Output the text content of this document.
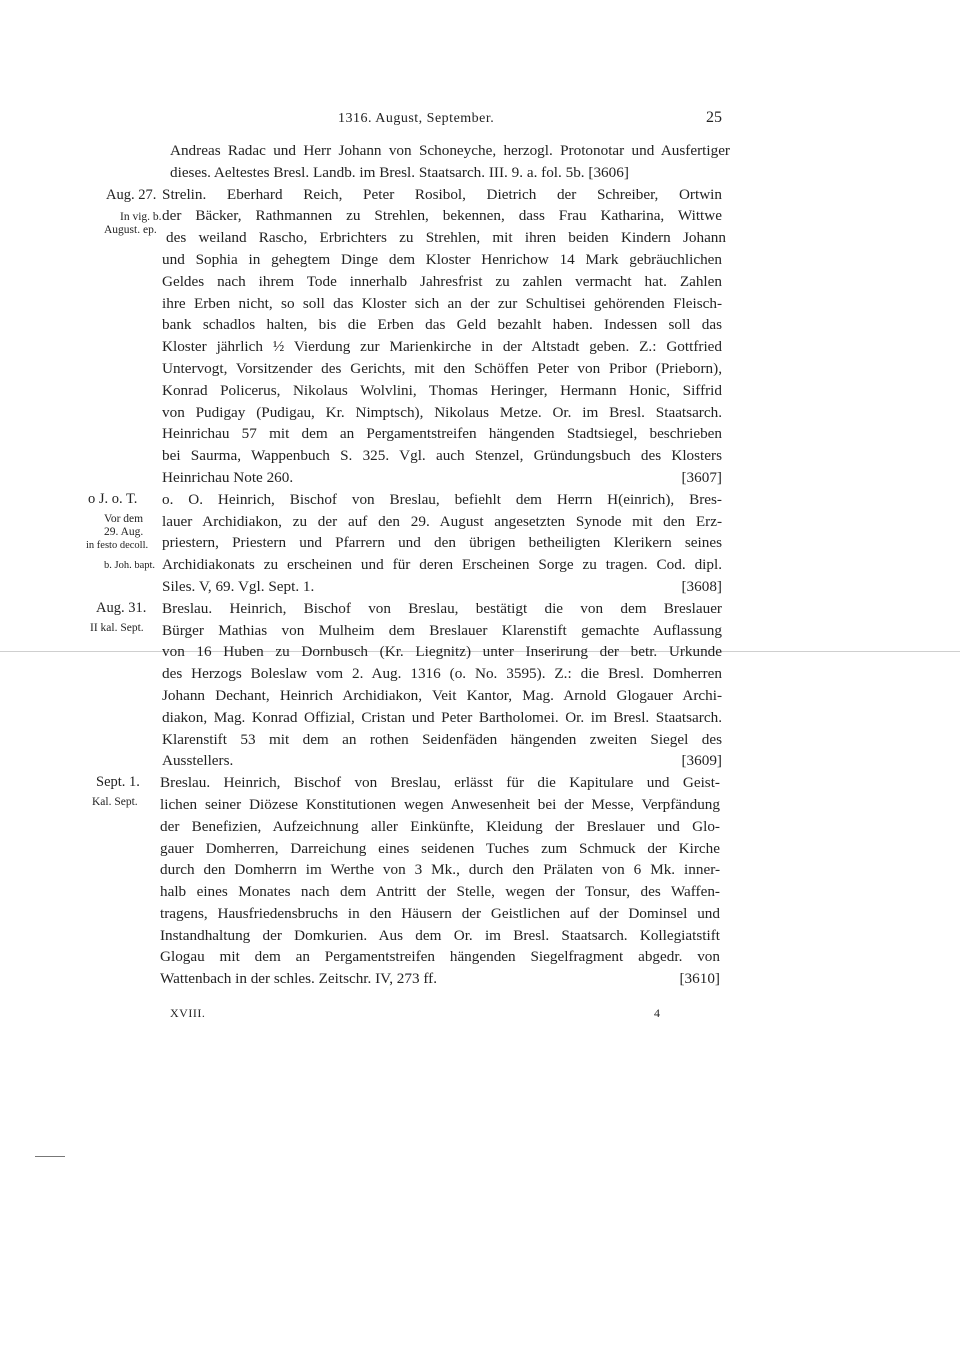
1316. August, September.	25
Andreas Radac und Herr Johann von Schoneyche, herzogl. Protonotar und Ausfertiger
dieses. Aeltestes Bresl. Landb. im Bresl. Staatsarch. III. 9. a. fol. 5b. [3606]
Aug. 27.
In vig. b.
August. ep.
Strelin. Eberhard Reich, Peter Rosibol, Dietrich der Schreiber, Ortwin
der Bäcker, Rathmannen zu Strehlen, bekennen, dass Frau Katharina, Wittwe
des weiland Rascho, Erbrichters zu Strehlen, mit ihren beiden Kindern Johann
und Sophia in gehegtem Dinge dem Kloster Henrichow 14 Mark gebräuchlichen
Geldes nach ihrem Tode innerhalb Jahresfrist zu zahlen vermacht hat. Zahlen
ihre Erben nicht, so soll das Kloster sich an der zur Schultisei gehörenden Fleisch-
bank schadlos halten, bis die Erben das Geld bezahlt haben. Indessen soll das
Kloster jährlich ½ Vierdung zur Marienkirche in der Altstadt geben. Z.: Gottfried
Untervogt, Vorsitzender des Gerichts, mit den Schöffen Peter von Pribor (Prieborn),
Konrad Policerus, Nikolaus Wolvlini, Thomas Heringer, Hermann Honic, Siffrid
von Pudigay (Pudigau, Kr. Nimptsch), Nikolaus Metze. Or. im Bresl. Staatsarch.
Heinrichau 57 mit dem an Pergamentstreifen hängenden Stadtsiegel, beschrieben
bei Saurma, Wappenbuch S. 325. Vgl. auch Stenzel, Gründungsbuch des Klosters
Heinrichau Note 260.	[3607]
o J. o. T.
Vor dem
29. Aug.
in festo decoll.
b. Joh. bapt.
o. O. Heinrich, Bischof von Breslau, befiehlt dem Herrn H(einrich), Bres-
lauer Archidiakon, zu der auf den 29. August angesetzten Synode mit den Erz-
priestern, Priestern und Pfarrern und den übrigen betheiligten Klerikern seines
Archidiakonats zu erscheinen und für deren Erscheinen Sorge zu tragen. Cod. dipl.
Siles. V, 69. Vgl. Sept. 1.	[3608]
Aug. 31.
II kal. Sept.
Breslau. Heinrich, Bischof von Breslau, bestätigt die von dem Breslauer
Bürger Mathias von Mulheim dem Breslauer Klarenstift gemachte Auflassung
von 16 Huben zu Dornbusch (Kr. Liegnitz) unter Inserirung der betr. Urkunde
des Herzogs Boleslaw vom 2. Aug. 1316 (o. No. 3595). Z.: die Bresl. Domherren
Johann Dechant, Heinrich Archidiakon, Veit Kantor, Mag. Arnold Glogauer Archi-
diakon, Mag. Konrad Offizial, Cristan und Peter Bartholomei. Or. im Bresl. Staatsarch.
Klarenstift 53 mit dem an rothen Seidenfäden hängenden zweiten Siegel des
Ausstellers.	[3609]
Sept. 1.
Kal. Sept.
Breslau. Heinrich, Bischof von Breslau, erlässt für die Kapitulare und Geist-
lichen seiner Diözese Konstitutionen wegen Anwesenheit bei der Messe, Verpfändung
der Benefizien, Aufzeichnung aller Einkünfte, Kleidung der Breslauer und Glo-
gauer Domherren, Darreichung eines seidenen Tuches zum Schmuck der Kirche
durch den Domherrn im Werthe von 3 Mk., durch den Prälaten von 6 Mk. inner-
halb eines Monates nach dem Antritt der Stelle, wegen der Tonsur, des Waffen-
tragens, Hausfriedensbruchs in den Häusern der Geistlichen auf der Dominsel und
Instandhaltung der Domkurien. Aus dem Or. im Bresl. Staatsarch. Kollegiatstift
Glogau mit dem an Pergamentstreifen hängenden Siegelfragment abgedr. von
Wattenbach in der schles. Zeitschr. IV, 273 ff.	[3610]
XVIII.	4
